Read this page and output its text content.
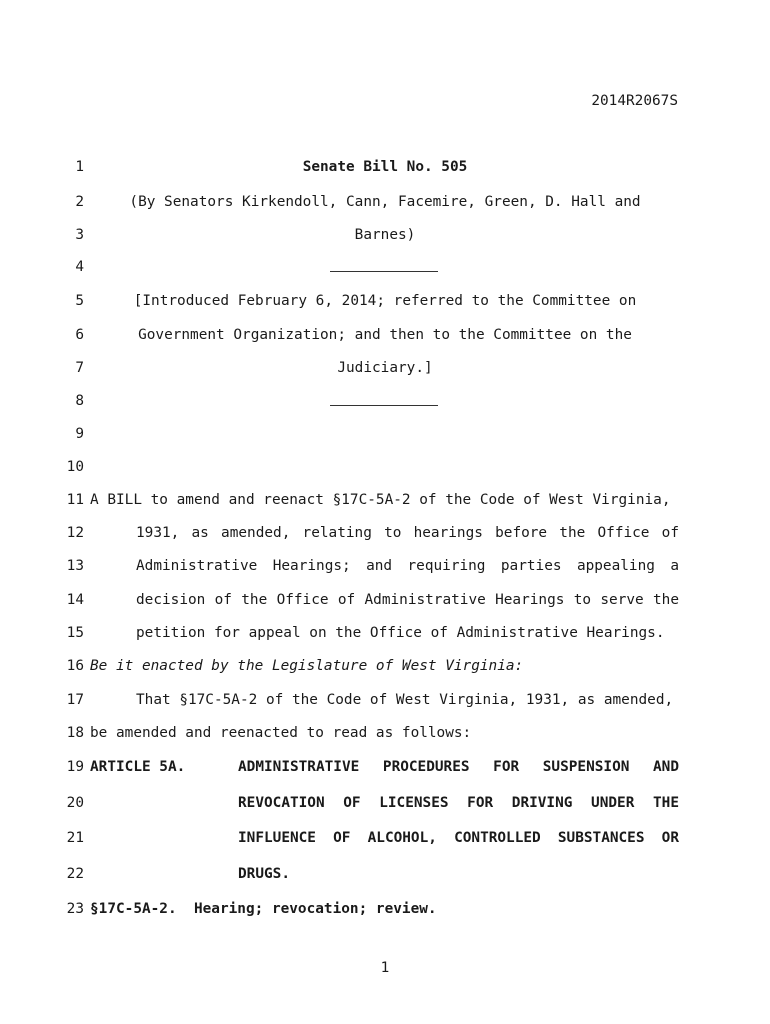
2014R2067S
1
2
3
4
5
6
7
8
9
10
11
12
13
14
15
16
17
18
19
20
21
22
23
Senate Bill No. 505
(By Senators Kirkendoll, Cann, Facemire, Green, D. Hall and
Barnes)
[Introduced February 6, 2014; referred to the Committee on
Government Organization; and then to the Committee on the
Judiciary.]
A BILL to amend and reenact §17C-5A-2 of the Code of West Virginia,
1931, as amended, relating to hearings before the Office of
Administrative Hearings; and requiring parties appealing a
decision of the Office of Administrative Hearings to serve the
petition for appeal on the Office of Administrative Hearings.
Be it enacted by the Legislature of West Virginia:
That §17C-5A-2 of the Code of West Virginia, 1931, as amended,
be amended and reenacted to read as follows:
ARTICLE 5A.	ADMINISTRATIVE PROCEDURES FOR SUSPENSION AND
REVOCATION OF LICENSES FOR DRIVING UNDER THE
INFLUENCE OF ALCOHOL, CONTROLLED SUBSTANCES OR
DRUGS.
§17C-5A-2.  Hearing; revocation; review.
1
